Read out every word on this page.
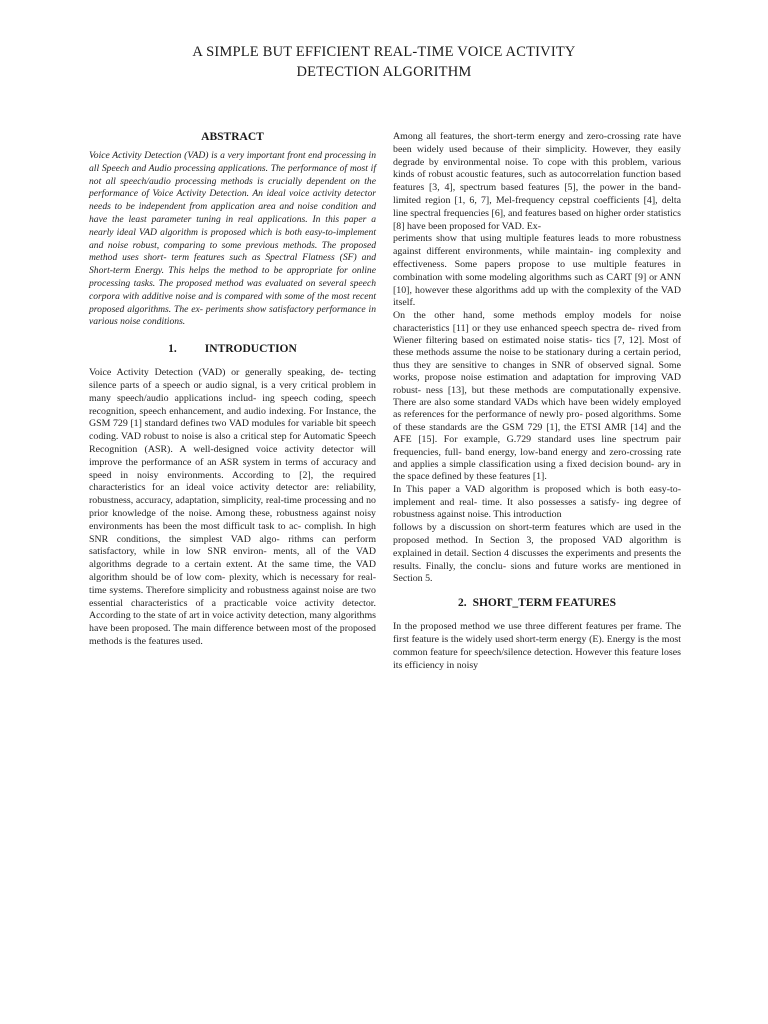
A SIMPLE BUT EFFICIENT REAL-TIME VOICE ACTIVITY
DETECTION ALGORITHM
ABSTRACT

Voice Activity Detection (VAD) is a very important front end processing in all Speech and Audio processing applications. The performance of most if not all speech/audio processing methods is crucially dependent on the performance of Voice Activity Detection. An ideal voice activity detector needs to be independent from application area and noise condition and have the least parameter tuning in real applications. In this paper a nearly ideal VAD algorithm is proposed which is both easy-to-implement and noise robust, comparing to some previous methods. The proposed method uses short- term features such as Spectral Flatness (SF) and Short-term Energy. This helps the method to be appropriate for online processing tasks. The proposed method was evaluated on several speech corpora with additive noise and is compared with some of the most recent proposed algorithms. The ex- periments show satisfactory performance in various noise conditions.

1. INTRODUCTION

Voice Activity Detection (VAD) or generally speaking, de- tecting silence parts of a speech or audio signal, is a very critical problem in many speech/audio applications includ- ing speech coding, speech recognition, speech enhancement, and audio indexing. For Instance, the GSM 729 [1] standard defines two VAD modules for variable bit speech coding. VAD robust to noise is also a critical step for Automatic Speech Recognition (ASR). A well-designed voice activity detector will improve the performance of an ASR system in terms of accuracy and speed in noisy environments. According to [2], the required characteristics for an ideal voice activity detector are: reliability, robustness, accuracy, adaptation, simplicity, real-time processing and no prior knowledge of the noise. Among these, robustness against noisy environments has been the most difficult task to ac- complish. In high SNR conditions, the simplest VAD algo- rithms can perform satisfactory, while in low SNR environ- ments, all of the VAD algorithms degrade to a certain extent. At the same time, the VAD algorithm should be of low com- plexity, which is necessary for real-time systems. Therefore simplicity and robustness against noise are two essential characteristics of a practicable voice activity detector. According to the state of art in voice activity detection, many algorithms have been proposed. The main difference between most of the proposed methods is the features used.

Among all features, the short-term energy and zero-crossing rate have been widely used because of their simplicity. However, they easily degrade by environmental noise. To cope with this problem, various kinds of robust acoustic features, such as autocorrelation function based features [3, 4], spectrum based features [5], the power in the band-limited region [1, 6, 7], Mel-frequency cepstral coefficients [4], delta line spectral frequencies [6], and features based on higher order statistics [8] have been proposed for VAD. Ex-

periments show that using multiple features leads to more robustness against different environments, while maintain- ing complexity and effectiveness. Some papers propose to use multiple features in combination with some modeling algorithms such as CART [9] or ANN [10], however these algorithms add up with the complexity of the VAD itself.

On the other hand, some methods employ models for noise characteristics [11] or they use enhanced speech spectra de- rived from Wiener filtering based on estimated noise statis- tics [7, 12]. Most of these methods assume the noise to be stationary during a certain period, thus they are sensitive to changes in SNR of observed signal. Some works, propose noise estimation and adaptation for improving VAD robust- ness [13], but these methods are computationally expensive. There are also some standard VADs which have been widely employed as references for the performance of newly pro- posed algorithms. Some of these standards are the GSM 729 [1], the ETSI AMR [14] and the AFE [15]. For example, G.729 standard uses line spectrum pair frequencies, full- band energy, low-band energy and zero-crossing rate and applies a simple classification using a fixed decision bound- ary in the space defined by these features [1].

In This paper a VAD algorithm is proposed which is both easy-to-implement and real- time. It also possesses a satisfy- ing degree of robustness against noise. This introduction

follows by a discussion on short-term features which are used in the proposed method. In Section 3, the proposed VAD algorithm is explained in detail. Section 4 discusses the experiments and presents the results. Finally, the conclu- sions and future works are mentioned in Section 5.

2. SHORT_TERM FEATURES

In the proposed method we use three different features per frame. The first feature is the widely used short-term energy (E). Energy is the most common feature for speech/silence detection. However this feature loses its efficiency in noisy
